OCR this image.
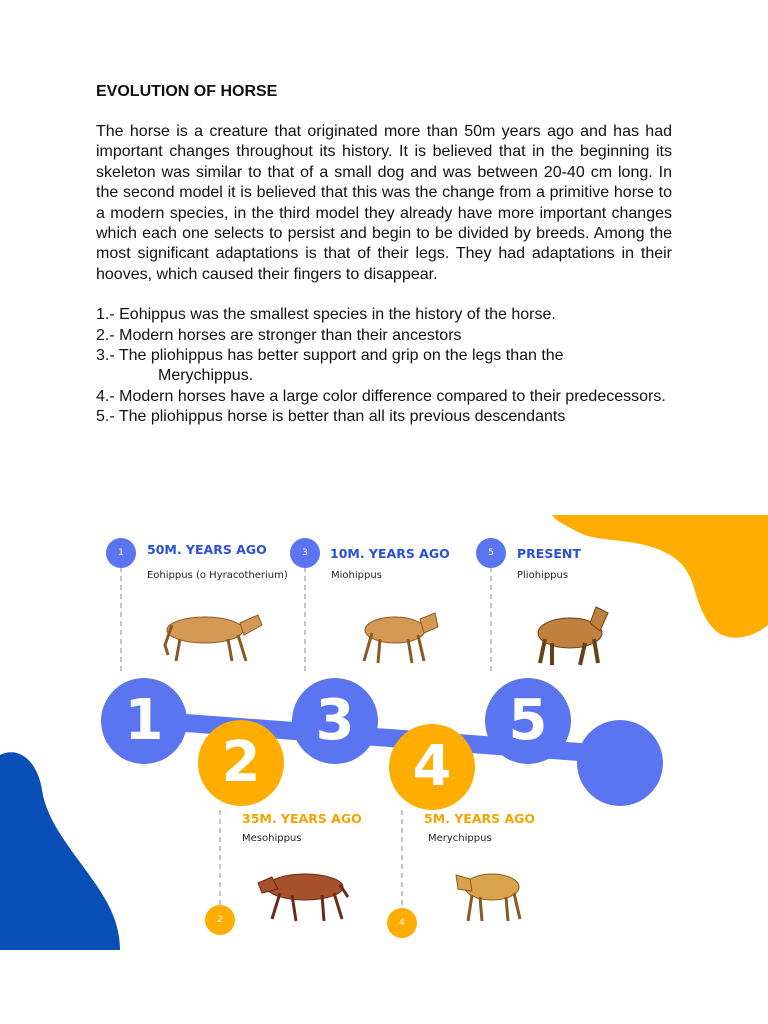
EVOLUTION OF HORSE

The horse is a creature that originated more than 50m years ago and has had important changes throughout its history. It is believed that in the beginning its skeleton was similar to that of a small dog and was between 20-40 cm long. In the second model it is believed that this was the change from a primitive horse to a modern species, in the third model they already have more important changes which each one selects to persist and begin to be divided by breeds. Among the most significant adaptations is that of their legs. They had adaptations in their hooves, which caused their fingers to disappear.

1.- Eohippus was the smallest species in the history of the horse.

2.- Modern horses are stronger than their ancestors

3.- The pliohippus has better support and grip on the legs than the

Merychippus.

4.- Modern horses have a large color difference compared to their predecessors.

5.- The pliohippus horse is better than all its previous descendants

1	3	5
2	4
50M. YEARS AGO
Eohippus (o Hyracotherium)
10M. YEARS AGO
Miohippus
PRESENT
Pliohippus
35M. YEARS AGO
Mesohippus
5M. YEARS AGO
Merychippus
1
2
3
4
5
